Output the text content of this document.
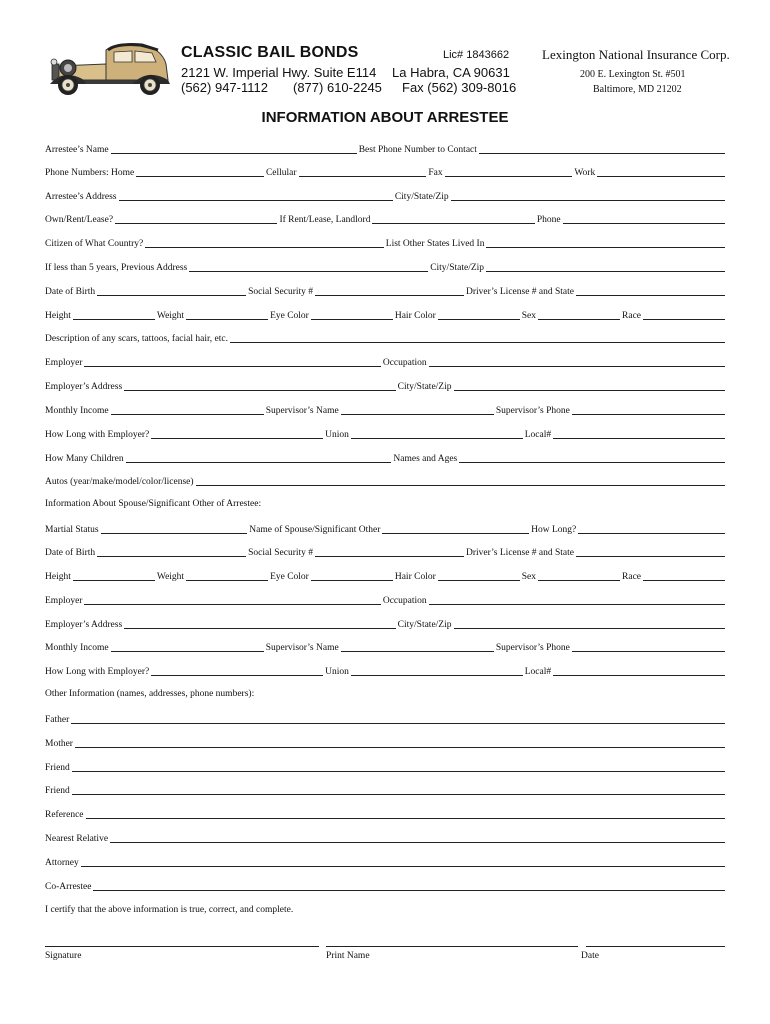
CLASSIC BAIL BONDS
2121 W. Imperial Hwy. Suite E114
(562) 947-1112 (877) 610-2245
Lic# 1843662
La Habra, CA 90631
Fax (562) 309-8016
Lexington National Insurance Corp.
200 E. Lexington St. #501
Baltimore, MD 21202
INFORMATION ABOUT ARRESTEE
Arrestee’s Name	Best Phone Number to Contact
Phone Numbers: Home	Cellular	Fax	Work
Arrestee’s Address	City/State/Zip
Own/Rent/Lease?	If Rent/Lease, Landlord	Phone
Citizen of What Country?	List Other States Lived In
If less than 5 years, Previous Address	City/State/Zip
Date of Birth	Social Security #	Driver’s License # and State
Height	Weight	Eye Color	Hair Color	Sex	Race
Description of any scars, tattoos, facial hair, etc.
Employer	Occupation
Employer’s Address	City/State/Zip
Monthly Income	Supervisor’s Name	Supervisor’s Phone
How Long with Employer?	Union	Local#
How Many Children	Names and Ages
Autos (year/make/model/color/license)
Information About Spouse/Significant Other of Arrestee:
Martial Status	Name of Spouse/Significant Other	How Long?
Date of Birth	Social Security #	Driver’s License # and State
Height	Weight	Eye Color	Hair Color	Sex	Race
Employer	Occupation
Employer’s Address	City/State/Zip
Monthly Income	Supervisor’s Name	Supervisor’s Phone
How Long with Employer?	Union	Local#
Other Information (names, addresses, phone numbers):
Father
Mother
Friend
Friend
Reference
Nearest Relative
Attorney
Co-Arrestee
I certify that the above information is true, correct, and complete.
Signature	Print Name	Date
